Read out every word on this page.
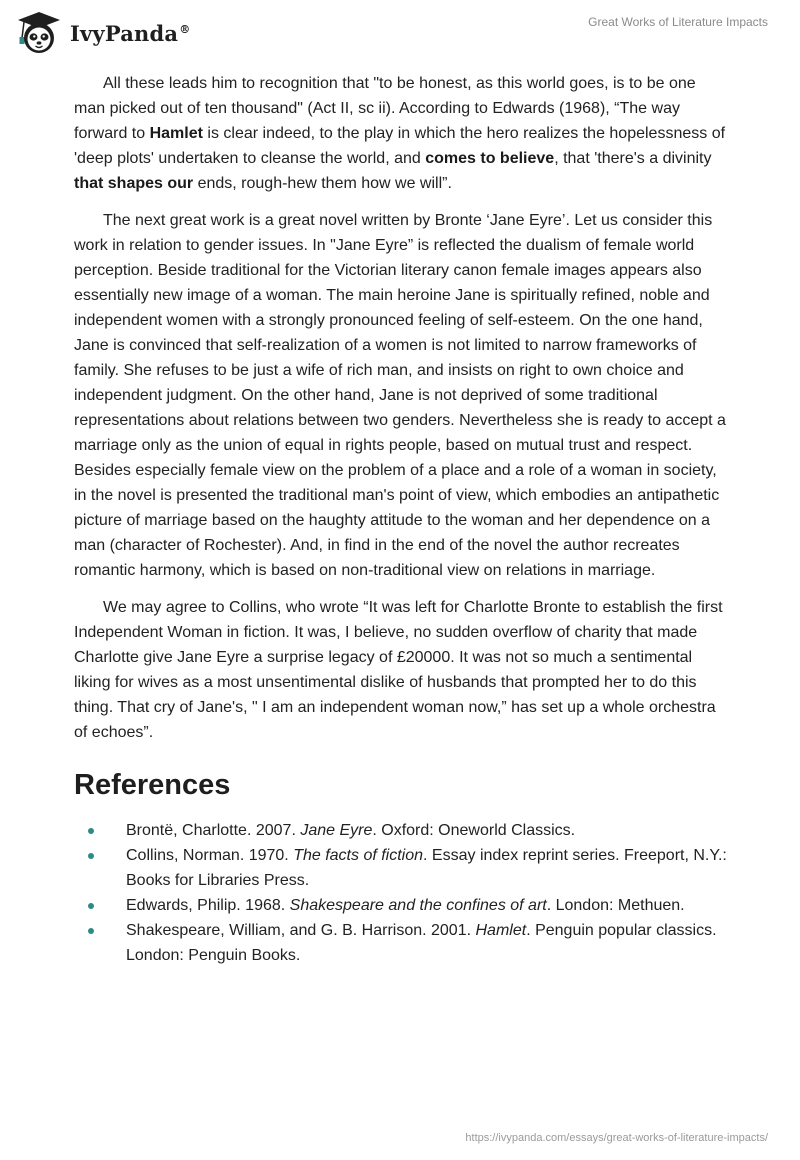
IvyPanda®	Great Works of Literature Impacts

All these leads him to recognition that "to be honest, as this world goes, is to be one man picked out of ten thousand" (Act II, sc ii). According to Edwards (1968), “The way forward to Hamlet is clear indeed, to the play in which the hero realizes the hopelessness of 'deep plots' undertaken to cleanse the world, and comes to believe, that 'there's a divinity that shapes our ends, rough-hew them how we will”.

The next great work is a great novel written by Bronte ‘Jane Eyre’. Let us consider this work in relation to gender issues. In "Jane Eyre” is reflected the dualism of female world perception. Beside traditional for the Victorian literary canon female images appears also essentially new image of a woman. The main heroine Jane is spiritually refined, noble and independent women with a strongly pronounced feeling of self-esteem. On the one hand, Jane is convinced that self-realization of a women is not limited to narrow frameworks of family. She refuses to be just a wife of rich man, and insists on right to own choice and independent judgment. On the other hand, Jane is not deprived of some traditional representations about relations between two genders. Nevertheless she is ready to accept a marriage only as the union of equal in rights people, based on mutual trust and respect. Besides especially female view on the problem of a place and a role of a woman in society, in the novel is presented the traditional man's point of view, which embodies an antipathetic picture of marriage based on the haughty attitude to the woman and her dependence on a man (character of Rochester). And, in find in the end of the novel the author recreates romantic harmony, which is based on non-traditional view on relations in marriage.

We may agree to Collins, who wrote “It was left for Charlotte Bronte to establish the first Independent Woman in fiction. It was, I believe, no sudden overflow of charity that made Charlotte give Jane Eyre a surprise legacy of £20000. It was not so much a sentimental liking for wives as a most unsentimental dislike of husbands that prompted her to do this thing. That cry of Jane's, " I am an independent woman now,” has set up a whole orchestra of echoes”.

References
Brontë, Charlotte. 2007. Jane Eyre. Oxford: Oneworld Classics.
Collins, Norman. 1970. The facts of fiction. Essay index reprint series. Freeport, N.Y.: Books for Libraries Press.
Edwards, Philip. 1968. Shakespeare and the confines of art. London: Methuen.
Shakespeare, William, and G. B. Harrison. 2001. Hamlet. Penguin popular classics. London: Penguin Books.
https://ivypanda.com/essays/great-works-of-literature-impacts/
